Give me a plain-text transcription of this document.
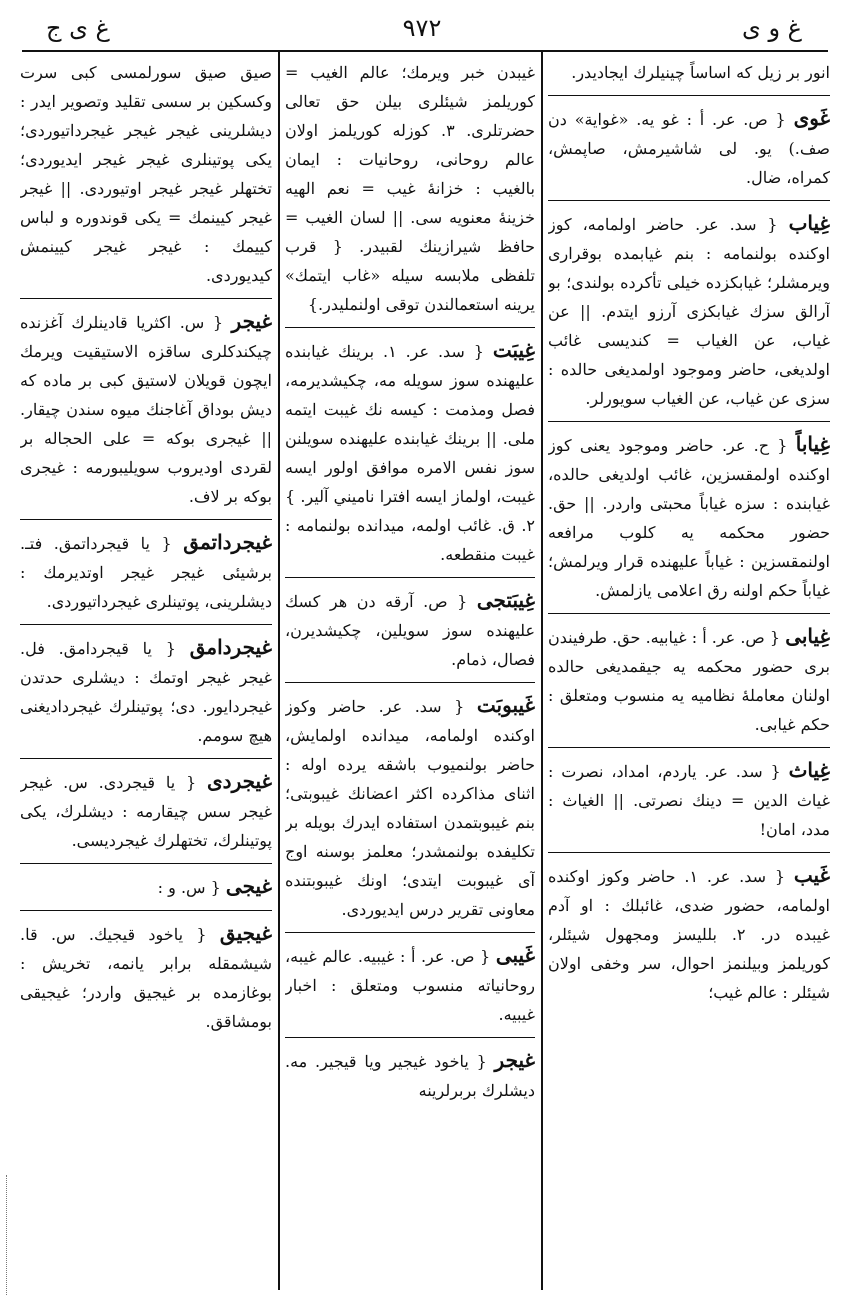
غ و ى
٩٧٢
غ ى ج

انور بر زيل كه اساساً چينيلرك ايجاديدر.

غَوى { ص. عر. أ : غو يه. «غواية» دن صف.) يو. لى شاشيرمش، صاپمش، كمراه، ضال.

غِياب { سد. عر. حاضر اولمامه، كوز اوكنده بولنمامه : بنم غيابمده بوقرارى ويرمشلر؛ غيابكزده خيلى تأكرده بولندى؛ بو آرالق سزك غيابكزى آرزو ايتدم. || عن غياب، عن الغياب = كنديسى غائب اولديغى، حاضر وموجود اولمديغى حالده : سزى عن غياب، عن الغياب سويورلر.

غِياباً { ح. عر. حاضر وموجود يعنى كوز اوكنده اولمقسزين، غائب اولديغى حالده، غيابنده : سزه غياباً محبتى واردر. || حق. حضور محكمه يه كلوب مرافعه اولنمقسزين : غياباً عليهنده قرار ويرلمش؛ غياباً حكم اولنه رق اعلامى يازلمش.

غِيابى { ص. عر. أ : غيابيه. حق. طرفيندن برى حضور محكمه يه جيقمديغى حالده اولنان معاملهٔ نظاميه يه منسوب ومتعلق : حكم غيابى.

غِياث { سد. عر. ياردم، امداد، نصرت : غياث الدين = دينك نصرتى. || الغياث : مدد، امان!

غَيب { سد. عر. ١. حاضر وكوز اوكنده اولمامه، حضور ضدى، غائبلك : او آدم غيبده در. ٢. بلليسز ومجهول شيئلر، كوريلمز وبيلنمز احوال، سر وخفى اولان شيئلر : عالم غيب؛

غيبدن خبر ويرمك؛ عالم الغيب = كوريلمز شيئلرى بيلن حق تعالى حضرتلرى. ٣. كوزله كوريلمز اولان عالم روحانى، روحانيات : ايمان بالغيب : خزانهٔ غيب = نعم الهيه خزينهٔ معنويه سى. || لسان الغيب = حافظ شيرازينك لقبيدر. { قرب تلفظى ملابسه سيله «غاب ايتمك» يرينه استعمالندن توقى اولنمليدر.}

غِيبَت { سد. عر. ١. برينك غيابنده عليهنده سوز سويله مه، چكيشديرمه، فصل ومذمت : كيسه نك غيبت ايتمه ملى. || برينك غيابنده عليهنده سويلنن سوز نفس الامره موافق اولور ايسه غيبت، اولماز ايسه افترا ناميني آلير. } ٢. ق. غائب اولمه، ميدانده بولنمامه : غيبت منقطعه.

غِيبَتجى { ص. آرقه دن هر كسك عليهنده سوز سويلين، چكيشديرن، فصال، ذمام.

غَيبوبَت { سد. عر. حاضر وكوز اوكنده اولمامه، ميدانده اولمايش، حاضر بولنميوب باشقه يرده اوله : اثناى مذاكرده اكثر اعضانك غيبوبتى؛ بنم غيبوبتمدن استفاده ايدرك بويله بر تكليفده بولنمشدر؛ معلمز بوسنه اوج آى غيبوبت ايتدى؛ اونك غيبوبتنده معاونى تقرير درس ايديوردى.

غَيبى { ص. عر. أ : غيبيه. عالم غيبه، روحانياته منسوب ومتعلق : اخبار غيبيه.

غيجر { ياخود غيجير ويا قيجير. مه. ديشلرك بربرلرينه

صيق صيق سورلمسى كبى سرت وكسكين بر سسى تقليد وتصوير ايدر : ديشلرينى غيجر غيجر غيجرداتيوردى؛ يكى پوتينلرى غيجر غيجر ايديوردى؛ تختهلر غيجر غيجر اوتيوردى. || غيجر غيجر كيينمك = يكى قوندوره و لباس كييمك : غيجر غيجر كيينمش كيديوردى.

غيجر { س. اكثريا قادينلرك آغزنده چيكندكلرى ساقزه الاستيقيت ويرمك ايچون قويلان لاستيق كبى بر ماده كه ديش بوداق آغاجنك ميوه سندن چيقار. || غيجرى بوكه = على الحجاله بر لقردى اوديروب سويليبورمه : غيجرى بوكه بر لاف.

غيجرداتمق { يا قيجرداتمق. فتـ. برشيئى غيجر غيجر اوتديرمك : ديشلرينى، پوتينلرى غيجرداتيوردى.

غيجردامق { يا قيجردامق. فل. غيجر غيجر اوتمك : ديشلرى حدتدن غيجردايور. دى؛ پوتينلرك غيجرداديغنى هيچ سومم.

غيجردى { يا قيجردى. س. غيجر غيجر سس چيقارمه : ديشلرك، يكى پوتينلرك، تختهلرك غيجرديسى.

غيجى { س. و :

غيجيق { ياخود قيجيك. س. قا. شيشمقله برابر يانمه، تخريش : بوغازمده بر غيجيق واردر؛ غيجيقى بومشاقق.
